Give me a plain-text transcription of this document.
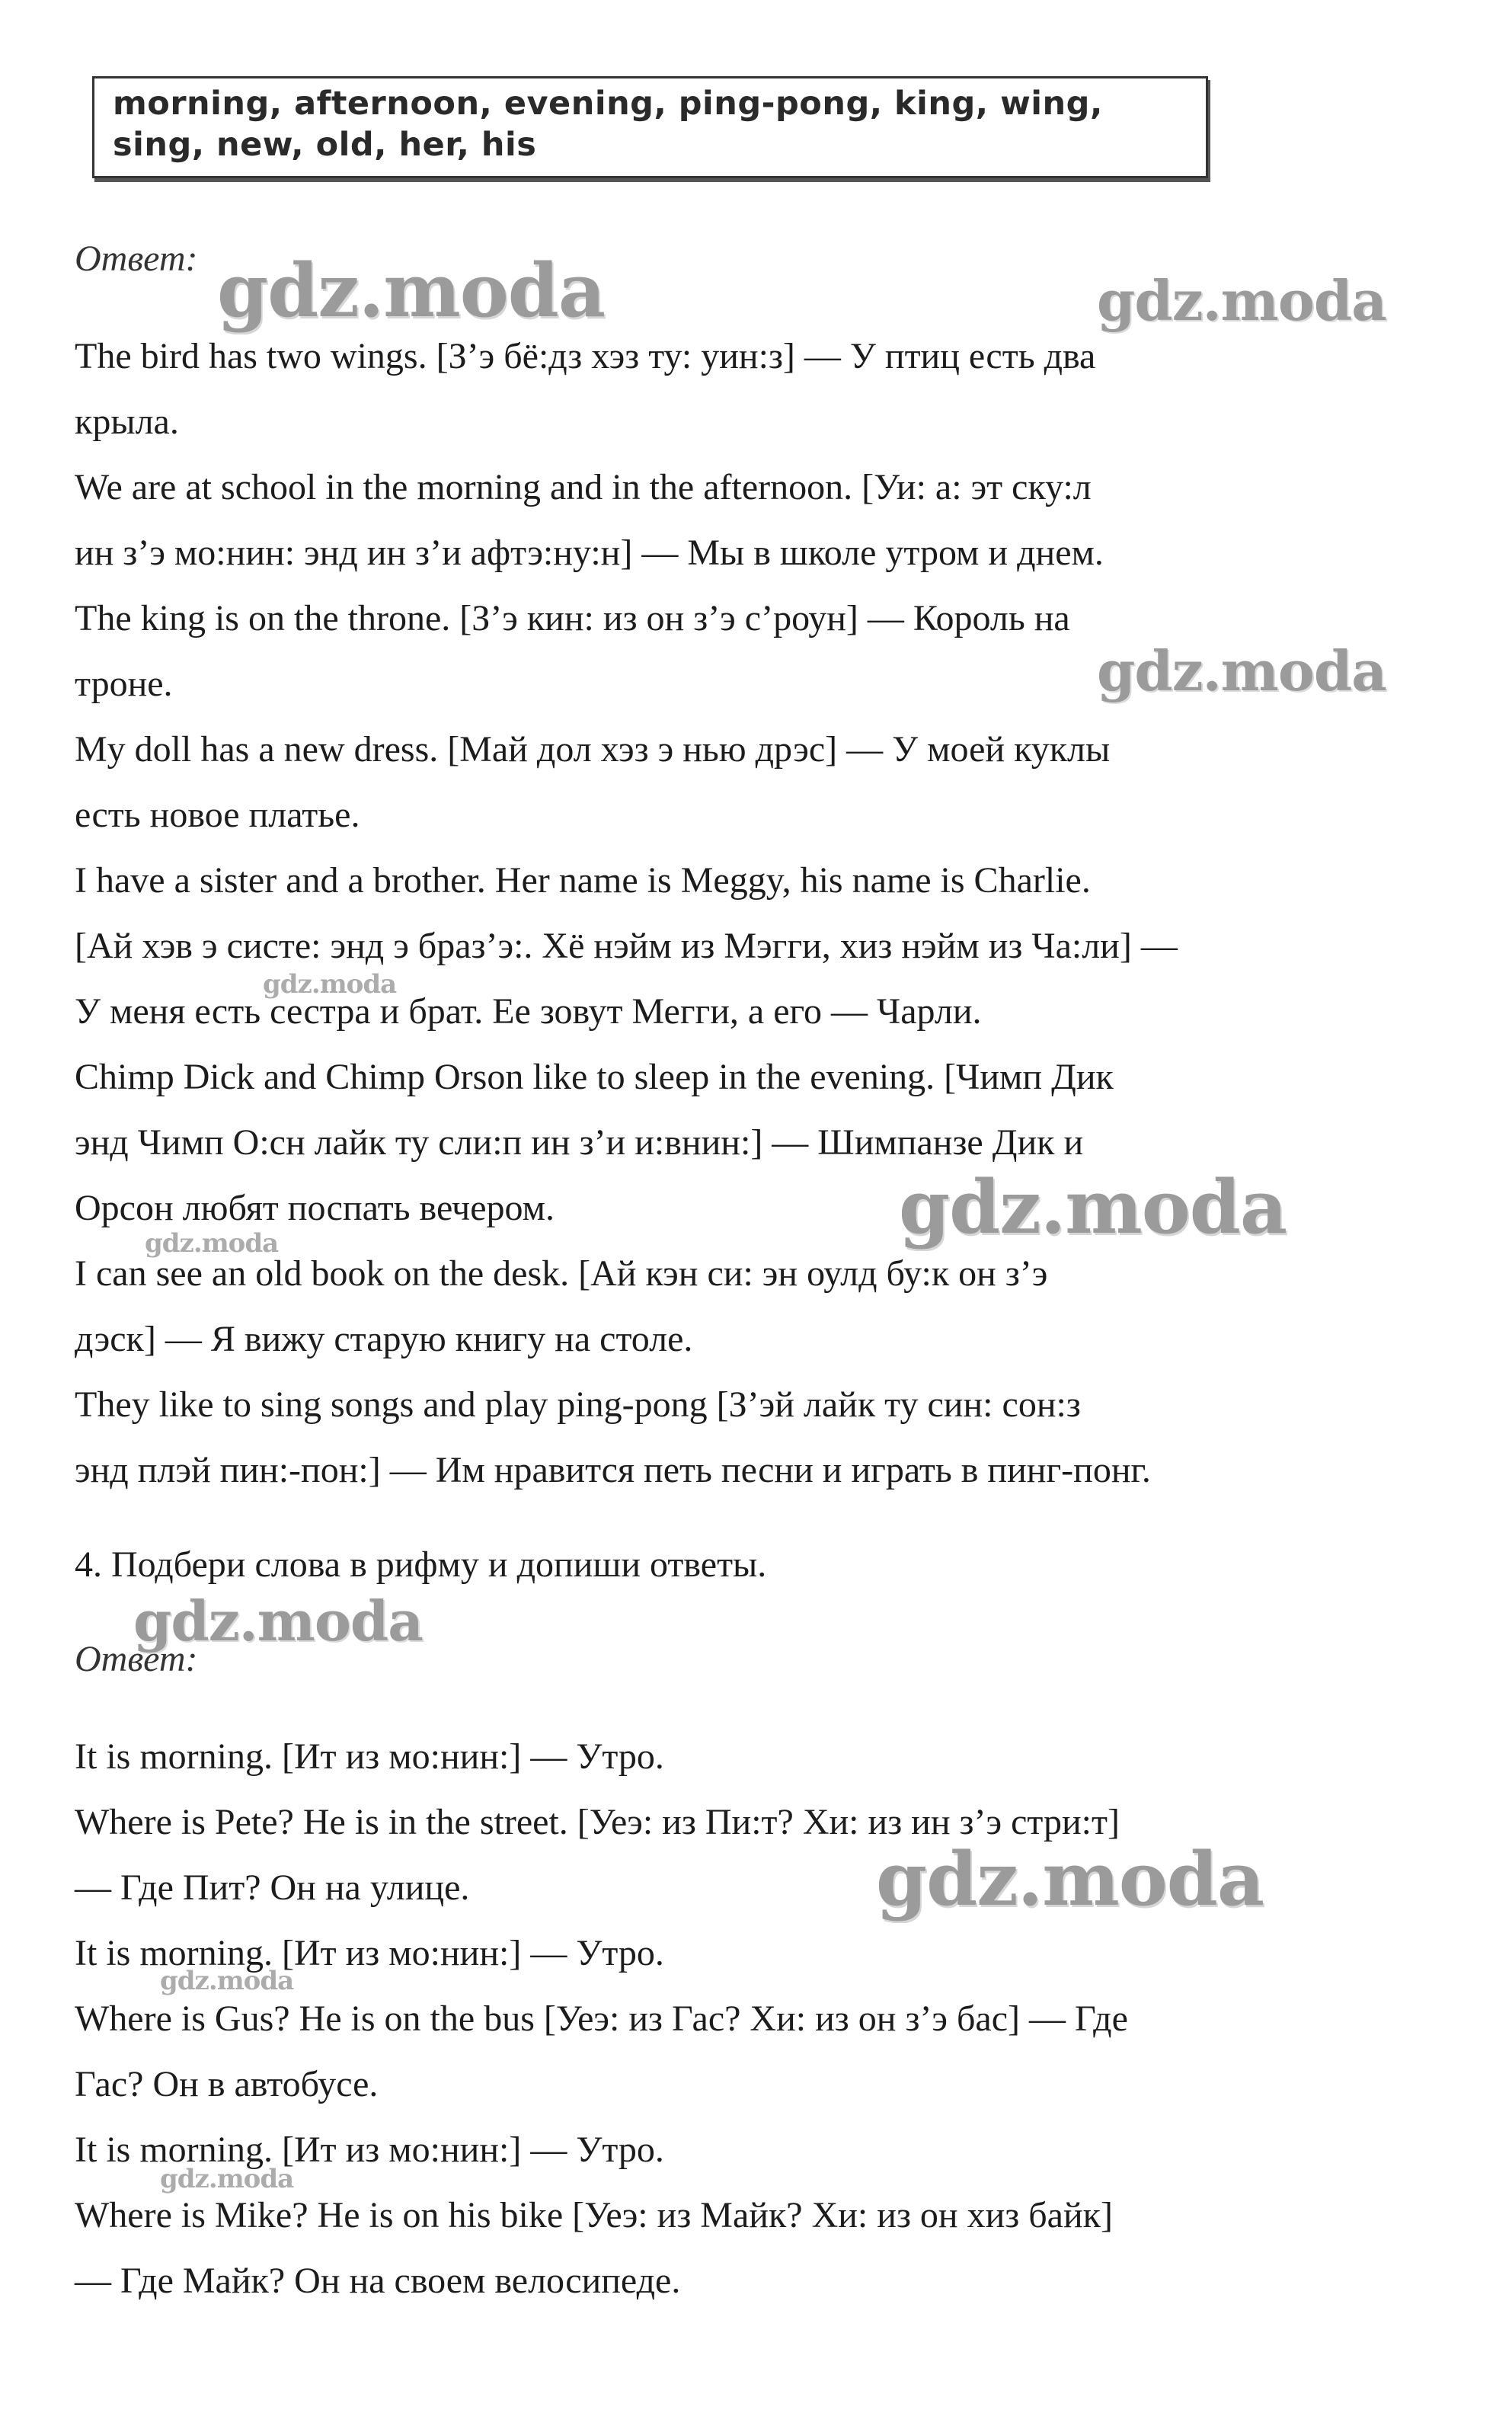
morning, afternoon, evening, ping-pong, king, wing,
sing, new, old, her, his
Ответ:
The bird has two wings. [З’э бё:дз хэз ту: уин:з] — У птиц есть два
крыла.
We are at school in the morning and in the afternoon. [Уи: а: эт ску:л
ин з’э мо:нин: энд ин з’и афтэ:ну:н] — Мы в школе утром и днем.
The king is on the throne. [З’э кин: из он з’э с’роун] — Король на
троне.
My doll has a new dress. [Май дол хэз э нью дрэс] — У моей куклы
есть новое платье.
I have a sister and a brother. Her name is Meggy, his name is Charlie.
[Ай хэв э систе: энд э браз’э:. Хё нэйм из Мэгги, хиз нэйм из Ча:ли] —
У меня есть сестра и брат. Ее зовут Мегги, а его — Чарли.
Chimp Dick and Chimp Orson like to sleep in the evening. [Чимп Дик
энд Чимп О:сн лайк ту сли:п ин з’и и:внин:] — Шимпанзе Дик и
Орсон любят поспать вечером.
I can see an old book on the desk. [Ай кэн си: эн оулд бу:к он з’э
дэск] — Я вижу старую книгу на столе.
They like to sing songs and play ping-pong [З’эй лайк ту син: сон:з
энд плэй пин:-пон:] — Им нравится петь песни и играть в пинг-понг.
4. Подбери слова в рифму и допиши ответы.
Ответ:
It is morning. [Ит из мо:нин:] — Утро.
Where is Pete? He is in the street. [Уеэ: из Пи:т? Хи: из ин з’э стри:т]
— Где Пит? Он на улице.
It is morning. [Ит из мо:нин:] — Утро.
Where is Gus? He is on the bus [Уеэ: из Гас? Хи: из он з’э бас] — Где
Гас? Он в автобусе.
It is morning. [Ит из мо:нин:] — Утро.
Where is Mike? He is on his bike [Уеэ: из Майк? Хи: из он хиз байк]
— Где Майк? Он на своем велосипеде.
gdz.moda	gdz.moda
gdz.moda
gdz.moda
gdz.moda
gdz.moda
gdz.moda
gdz.moda
gdz.moda
gdz.moda
